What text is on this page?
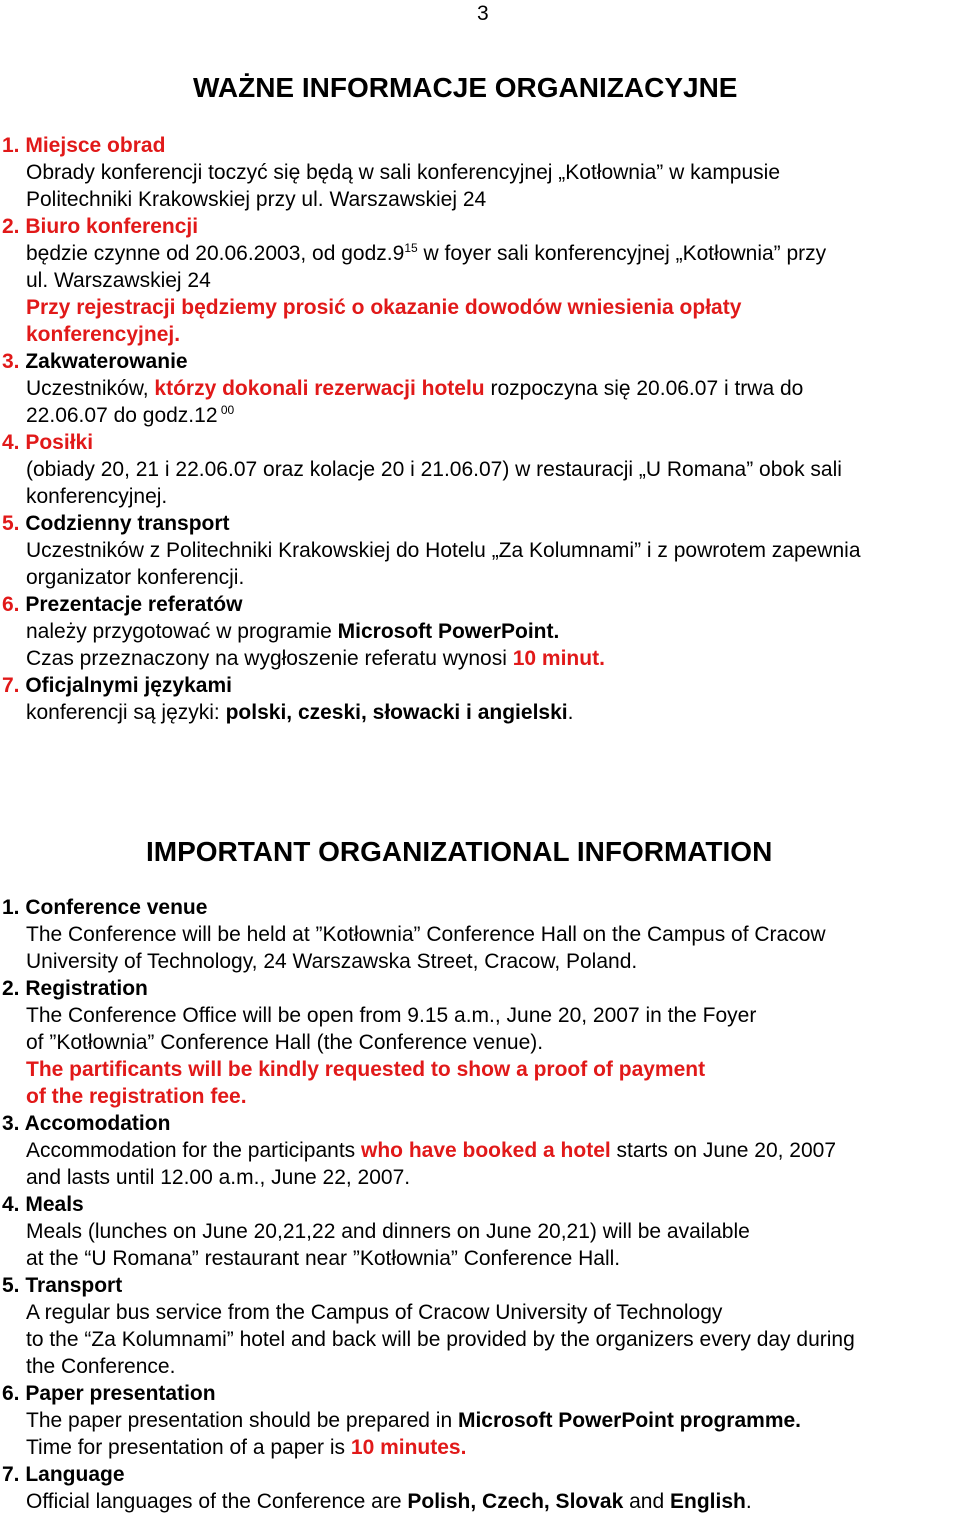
3
WAŻNE INFORMACJE ORGANIZACYJNE
1. Miejsce obrad
Obrady konferencji toczyć się będą w sali konferencyjnej „Kotłownia” w kampusie
Politechniki Krakowskiej przy ul. Warszawskiej 24
2. Biuro konferencji
będzie czynne od 20.06.2003, od $godz.9^{15}$ w foyer sali konferencyjnej „Kotłownia” przy
ul. Warszawskiej 24
Przy rejestracji będziemy prosić o okazanie dowodów wniesienia opłaty
konferencyjnej.
3. Zakwaterowanie
Uczestników, którzy dokonali rezerwacji hotelu rozpoczyna się 20.06.07 i trwa do
22.06.07 do godz.12 $^{00}$
4. Posiłki
(obiady 20, 21 i 22.06.07 oraz kolacje 20 i 21.06.07) w restauracji „U Romana” obok sali
konferencyjnej.
5. Codzienny transport
Uczestników z Politechniki Krakowskiej do Hotelu „Za Kolumnami” i z powrotem zapewnia
organizator konferencji.
6. Prezentacje referatów
należy przygotować w programie Microsoft PowerPoint.
Czas przeznaczony na wygłoszenie referatu wynosi 10 minut.
7. Oficjalnymi językami
konferencji są języki: polski, czeski, słowacki i angielski.
IMPORTANT ORGANIZATIONAL INFORMATION
1. Conference venue
The Conference will be held at ”Kotłownia” Conference Hall on the Campus of Cracow
University of Technology, 24 Warszawska Street, Cracow, Poland.
2. Registration
The Conference Office will be open from 9.15 a.m., June 20, 2007 in the Foyer
of ”Kotłownia” Conference Hall (the Conference venue).
The partificants will be kindly requested to show a proof of payment
of the registration fee.
3. Accomodation
Accommodation for the participants who have booked a hotel starts on June 20, 2007
and lasts until 12.00 a.m., June 22, 2007.
4. Meals
Meals (lunches on June 20,21,22 and dinners on June 20,21) will be available
at the “U Romana” restaurant near ”Kotłownia” Conference Hall.
5. Transport
A regular bus service from the Campus of Cracow University of Technology
to the “Za Kolumnami” hotel and back will be provided by the organizers every day during
the Conference.
6. Paper presentation
The paper presentation should be prepared in Microsoft PowerPoint programme.
Time for presentation of a paper is 10 minutes.
7. Language
Official languages of the Conference are Polish, Czech, Slovak and English.
